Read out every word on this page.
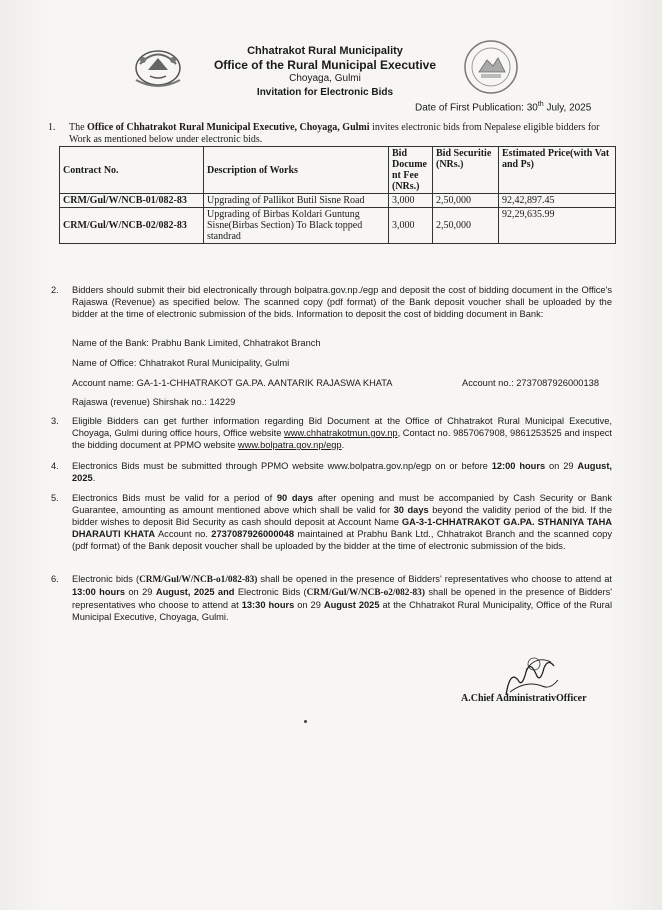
Chhatrakot Rural Municipality
Office of the Rural Municipal Executive
Choyaga, Gulmi
Invitation for Electronic Bids
Date of First Publication: 30th July, 2025
1. The Office of Chhatrakot Rural Municipal Executive, Choyaga, Gulmi invites electronic bids from Nepalese eligible bidders for Work as mentioned below under electronic bids.
Contract No.	Description of Works	Bid Docume nt Fee (NRs.)	Bid Securitie (NRs.)	Estimated Price(with Vat and Ps)
CRM/Gul/W/NCB-01/082-83	Upgrading of Pallikot Butil Sisne Road	3,000	2,50,000	92,42,897.45
CRM/Gul/W/NCB-02/082-83	Upgrading of Birbas Koldari Guntung Sisne(Birbas Section) To Black topped standrad	3,000	2,50,000	92,29,635.99
2. Bidders should submit their bid electronically through bolpatra.gov.np./egp and deposit the cost of bidding document in the Office's Rajaswa (Revenue) as specified below. The scanned copy (pdf format) of the Bank deposit voucher shall be uploaded by the bidder at the time of electronic submission of the bids. Information to deposit the cost of bidding document in Bank:
Name of the Bank: Prabhu Bank Limited, Chhatrakot Branch
Name of Office: Chhatrakot Rural Municipality, Gulmi
Account name: GA-1-1-CHHATRAKOT GA.PA. AANTARIK RAJASWA KHATA	Account no.: 2737087926000138
Rajaswa (revenue) Shirshak no.: 14229
3. Eligible Bidders can get further information regarding Bid Document at the Office of Chhatrakot Rural Municipal Executive, Choyaga, Gulmi during office hours, Office website www.chhatrakotmun.gov.np, Contact no. 9857067908, 9861253525 and inspect the bidding document at PPMO website www.bolpatra.gov.np/egp.
4. Electronics Bids must be submitted through PPMO website www.bolpatra.gov.np/egp on or before 12:00 hours on 29 August, 2025.
5. Electronics Bids must be valid for a period of 90 days after opening and must be accompanied by Cash Security or Bank Guarantee, amounting as amount mentioned above which shall be valid for 30 days beyond the validity period of the bid. If the bidder wishes to deposit Bid Security as cash should deposit at Account Name GA-3-1-CHHATRAKOT GA.PA. STHANIYA TAHA DHARAUTI KHATA Account no. 2737087926000048 maintained at Prabhu Bank Ltd., Chhatrakot Branch and the scanned copy (pdf format) of the Bank deposit voucher shall be uploaded by the bidder at the time of electronic submission of the bids.
6. Electronic bids (CRM/Gul/W/NCB-o1/082-83) shall be opened in the presence of Bidders' representatives who choose to attend at 13:00 hours on 29 August, 2025 and Electronic Bids (CRM/Gul/W/NCB-o2/082-83) shall be opened in the presence of Bidders' representatives who choose to attend at 13:30 hours on 29 August 2025 at the Chhatrakot Rural Municipality, Office of the Rural Municipal Executive, Choyaga, Gulmi.
A.Chief AdministrativOfficer
